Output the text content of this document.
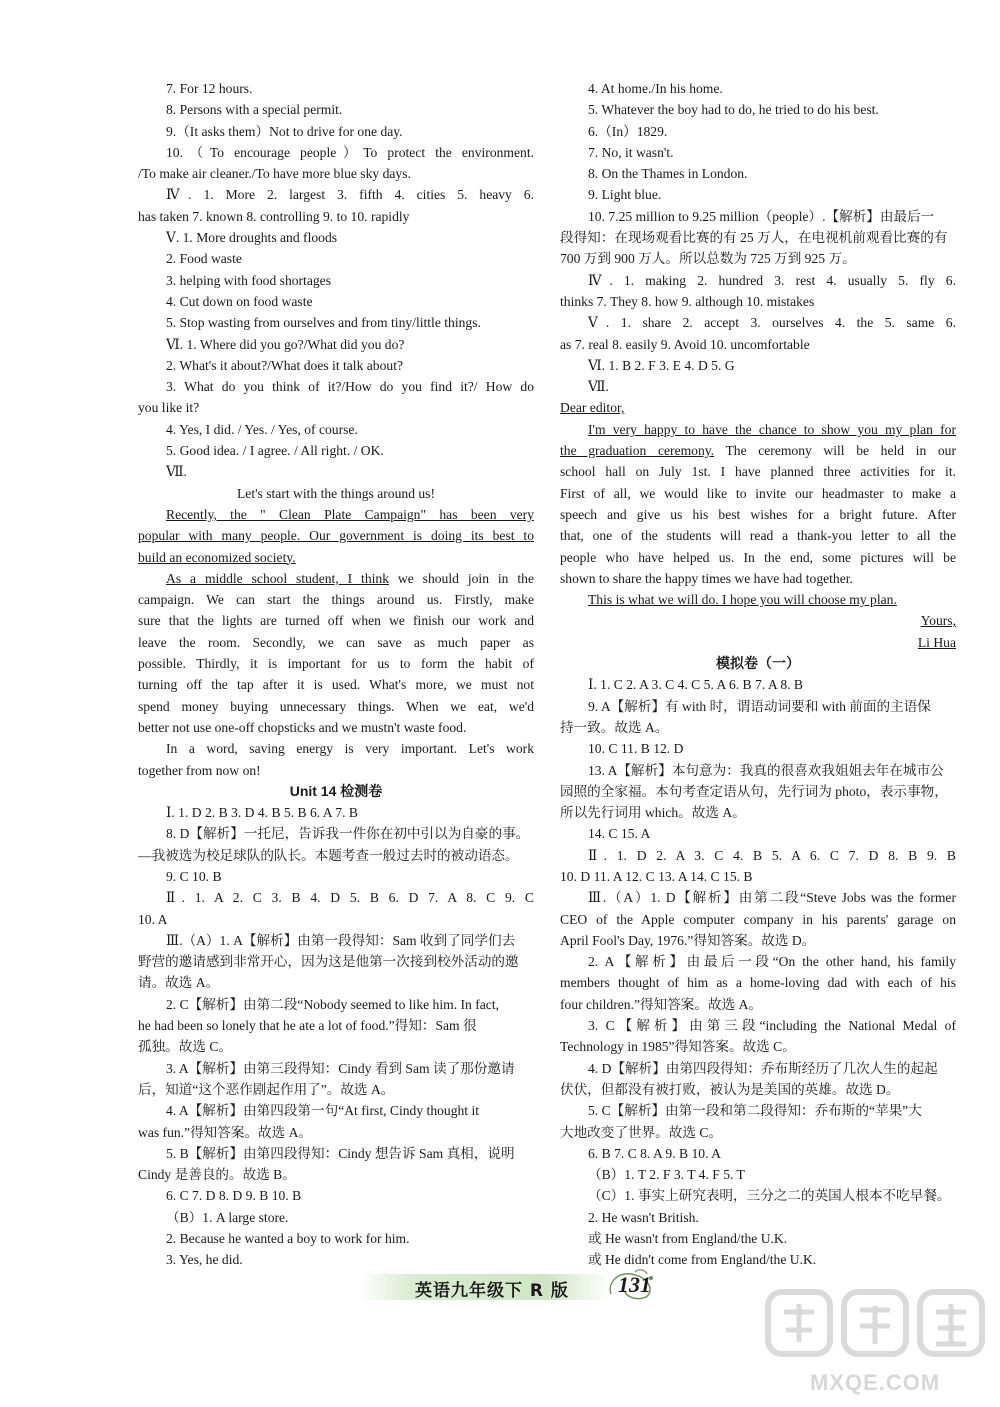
7. For 12 hours.

8. Persons with a special permit.

9.（It asks them）Not to drive for one day.

10.（To encourage people）To protect the environment.

/To make air cleaner./To have more blue sky days.

Ⅳ. 1. More 2. largest 3. fifth 4. cities 5. heavy 6.

has taken 7. known 8. controlling 9. to 10. rapidly

Ⅴ. 1. More droughts and floods

2. Food waste

3. helping with food shortages

4. Cut down on food waste

5. Stop wasting from ourselves and from tiny/little things.

Ⅵ. 1. Where did you go?/What did you do?

2. What's it about?/What does it talk about?

3. What do you think of it?/How do you find it?/ How do

you like it?

4. Yes, I did. / Yes. / Yes, of course.

5. Good idea. / I agree. / All right. / OK.

Ⅶ.

Let's start with the things around us!

Recently, the " Clean Plate Campaign" has been very

popular with many people. Our government is doing its best to

build an economized society.

As a middle school student, I think we should join in the

campaign. We can start the things around us. Firstly, make

sure that the lights are turned off when we finish our work and

leave the room. Secondly, we can save as much paper as

possible. Thirdly, it is important for us to form the habit of

turning off the tap after it is used. What's more, we must not

spend money buying unnecessary things. When we eat, we'd

better not use one-off chopsticks and we mustn't waste food.

In a word, saving energy is very important. Let's work

together from now on!

Unit 14 检测卷

Ⅰ. 1. D 2. B 3. D 4. B 5. B 6. A 7. B

8. D【解析】一托尼，告诉我一件你在初中引以为自豪的事。

—我被选为校足球队的队长。本题考查一般过去时的被动语态。

9. C 10. B

Ⅱ. 1. A 2. C 3. B 4. D 5. B 6. D 7. A 8. C 9. C

10. A

Ⅲ.（A）1. A【解析】由第一段得知：Sam 收到了同学们去

野营的邀请感到非常开心，因为这是他第一次接到校外活动的邀

请。故选 A。

2. C【解析】由第二段“Nobody seemed to like him. In fact,

he had been so lonely that he ate a lot of food.”得知：Sam 很

孤独。故选 C。

3. A【解析】由第三段得知：Cindy 看到 Sam 读了那份邀请

后，知道“这个恶作剧起作用了”。故选 A。

4. A【解析】由第四段第一句“At first, Cindy thought it

was fun.”得知答案。故选 A。

5. B【解析】由第四段得知：Cindy 想告诉 Sam 真相，说明

Cindy 是善良的。故选 B。

6. C 7. D 8. D 9. B 10. B

（B）1. A large store.

2. Because he wanted a boy to work for him.

3. Yes, he did.

4. At home./In his home.

5. Whatever the boy had to do, he tried to do his best.

6.（In）1829.

7. No, it wasn't.

8. On the Thames in London.

9. Light blue.

10. 7.25 million to 9.25 million（people）.【解析】由最后一

段得知：在现场观看比赛的有 25 万人，在电视机前观看比赛的有

700 万到 900 万人。所以总数为 725 万到 925 万。

Ⅳ. 1. making 2. hundred 3. rest 4. usually 5. fly 6.

thinks 7. They 8. how 9. although 10. mistakes

Ⅴ. 1. share 2. accept 3. ourselves 4. the 5. same 6.

as 7. real 8. easily 9. Avoid 10. uncomfortable

Ⅵ. 1. B 2. F 3. E 4. D 5. G

Ⅶ.

Dear editor,

I'm very happy to have the chance to show you my plan for

the graduation ceremony. The ceremony will be held in our

school hall on July 1st. I have planned three activities for it.

First of all, we would like to invite our headmaster to make a

speech and give us his best wishes for a bright future. After

that, one of the students will read a thank-you letter to all the

people who have helped us. In the end, some pictures will be

shown to share the happy times we have had together.

This is what we will do. I hope you will choose my plan.

Yours,

Li Hua

模拟卷（一）

Ⅰ. 1. C 2. A 3. C 4. C 5. A 6. B 7. A 8. B

9. A【解析】有 with 时，谓语动词要和 with 前面的主语保

持一致。故选 A。

10. C 11. B 12. D

13. A【解析】本句意为：我真的很喜欢我姐姐去年在城市公

园照的全家福。本句考查定语从句，先行词为 photo，表示事物，

所以先行词用 which。故选 A。

14. C 15. A

Ⅱ. 1. D 2. A 3. C 4. B 5. A 6. C 7. D 8. B 9. B

10. D 11. A 12. C 13. A 14. C 15. B

Ⅲ.（A）1. D【解析】由第二段“Steve Jobs was the former

CEO of the Apple computer company in his parents' garage on

April Fool's Day, 1976.”得知答案。故选 D。

2. A【解析】由最后一段“On the other hand, his family

members thought of him as a home-loving dad with each of his

four children.”得知答案。故选 A。

3. C【解析】由第三段“including the National Medal of

Technology in 1985”得知答案。故选 C。

4. D【解析】由第四段得知：乔布斯经历了几次人生的起起

伏伏，但都没有被打败，被认为是美国的英雄。故选 D。

5. C【解析】由第一段和第二段得知：乔布斯的“苹果”大

大地改变了世界。故选 C。

6. B 7. C 8. A 9. B 10. A

（B）1. T 2. F 3. T 4. F 5. T

（C）1. 事实上研究表明，三分之二的英国人根本不吃早餐。

2. He wasn't British.

或 He wasn't from England/the U.K.

或 He didn't come from England/the U.K.

英语九年级下 R 版 131
MXQE.COM
